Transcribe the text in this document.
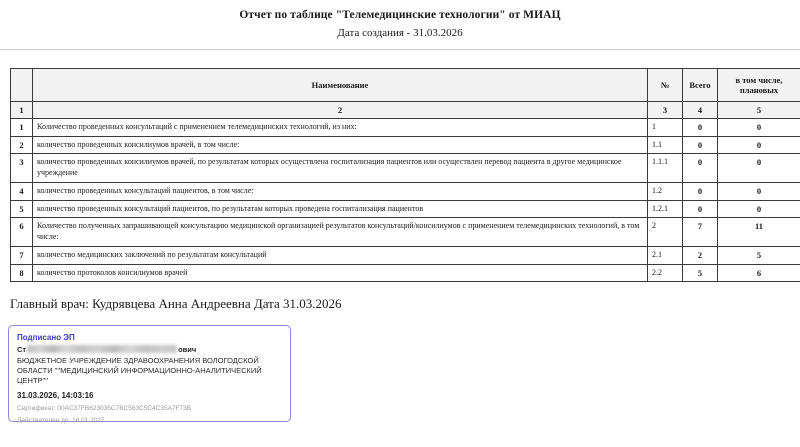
Отчет по таблице "Телемедицинские технологии" от МИАЦ
Дата создания - 31.03.2026
	Наименование	№	Всего	в том числе, плановых
1	2	3	4	5
1	Количество проведенных консультаций с применением телемедицинских технологий, из них:	1	0	0
2	количество проведенных консилиумов врачей, в том числе:	1.1	0	0
3	количество проведенных консилиумов врачей, по результатам которых осуществлена госпитализация пациентов или осуществлен перевод пациента в другое медицинское учреждение	1.1.1	0	0
4	количество проведенных консультаций пациентов, в том числе:	1.2	0	0
5	количество проведенных консультаций пациентов, по результатам которых проведена госпитализация пациентов	1.2.1	0	0
6	Количество полученных запрашивающей консультацию медицинской организацией результатов консультаций/консилиумов с применением телемедицинских технологий, в том числе:	2	7	11
7	количество медицинских заключений по результатам консультаций	2.1	2	5
8	количество протоколов консилиумов врачей	2.2	5	6
Главный врач: Кудрявцева Анна Андреевна Дата 31.03.2026
Подписано ЭП
Ст	ович
БЮДЖЕТНОЕ УЧРЕЖДЕНИЕ ЗДРАВООХРАНЕНИЯ ВОЛОГОДСКОЙ ОБЛАСТИ ""МЕДИЦИНСКИЙ ИНФОРМАЦИОННО-АНАЛИТИЧЕСКИЙ ЦЕНТР""
31.03.2026, 14:03:16
Сертификат: 00AC37FB623035C7BC563C5C4C35A7F73B
Действителен до: 16.01.2027
